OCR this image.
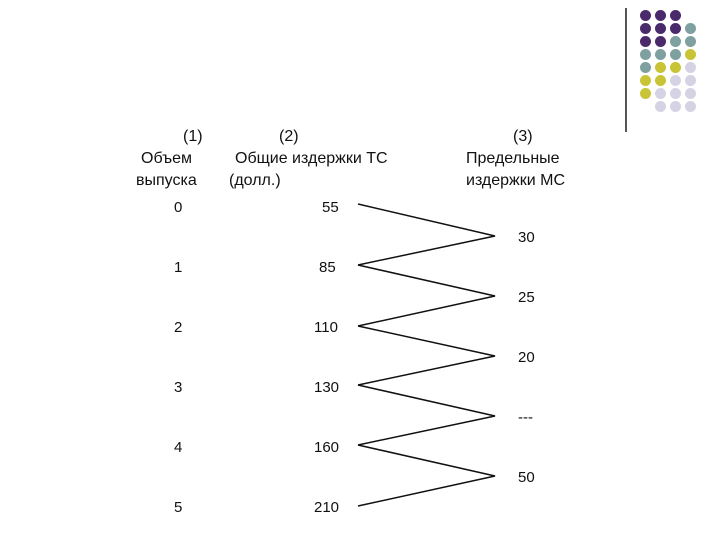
(1)
Объем
выпуска
(2)
Общие издержки ТС
(долл.)
(3)
Предельные
издержки МС
0
1
2
3
4
5
55
85
110
130
160
210
30
25
20
---
50
